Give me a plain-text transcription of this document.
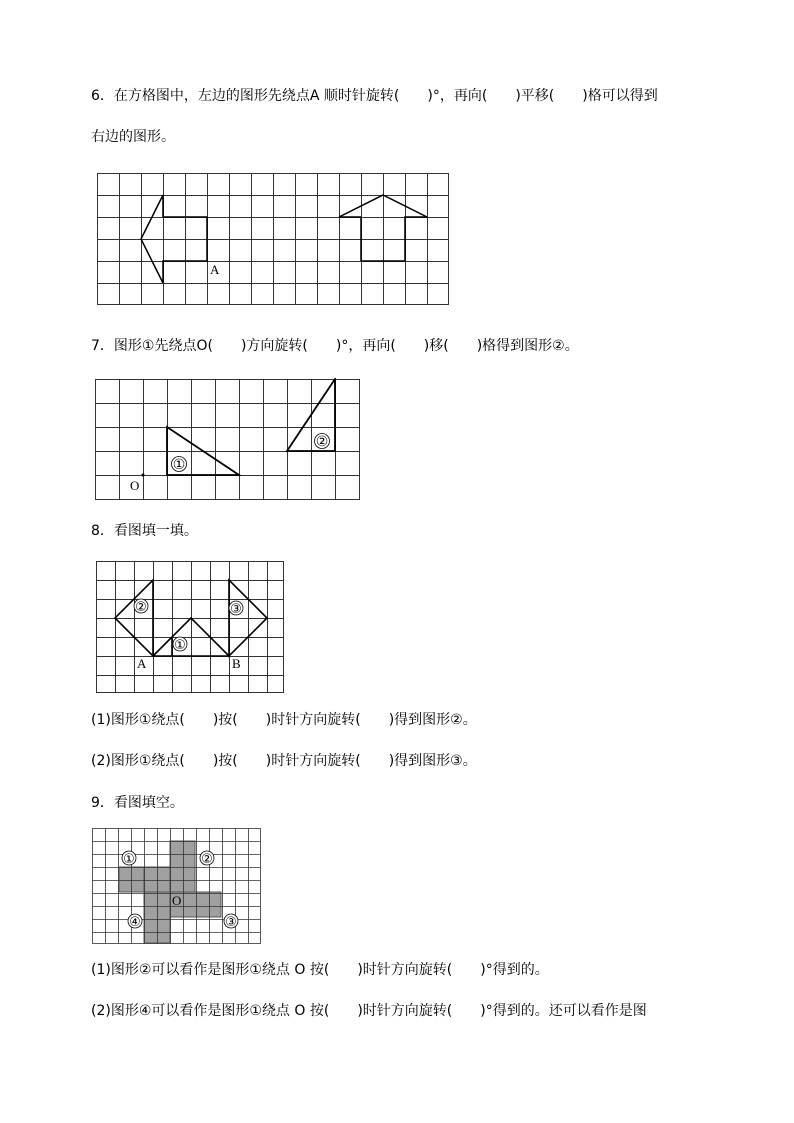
6．在方格图中，左边的图形先绕点A 顺时针旋转(　　)°，再向(　　)平移(　　)格可以得到
右边的图形。
A
7．图形①先绕点O(　　)方向旋转(　　)°，再向(　　)移(　　)格得到图形②。
O
①
②
8．看图填一填。
A	B
②
①
③
(1)图形①绕点(　　)按(　　)时针方向旋转(　　)得到图形②。
(2)图形①绕点(　　)按(　　)时针方向旋转(　　)得到图形③。
9．看图填空。
①	②
③
④
O
(1)图形②可以看作是图形①绕点 O 按(　　)时针方向旋转(　　)°得到的。
(2)图形④可以看作是图形①绕点 O 按(　　)时针方向旋转(　　)°得到的。还可以看作是图
